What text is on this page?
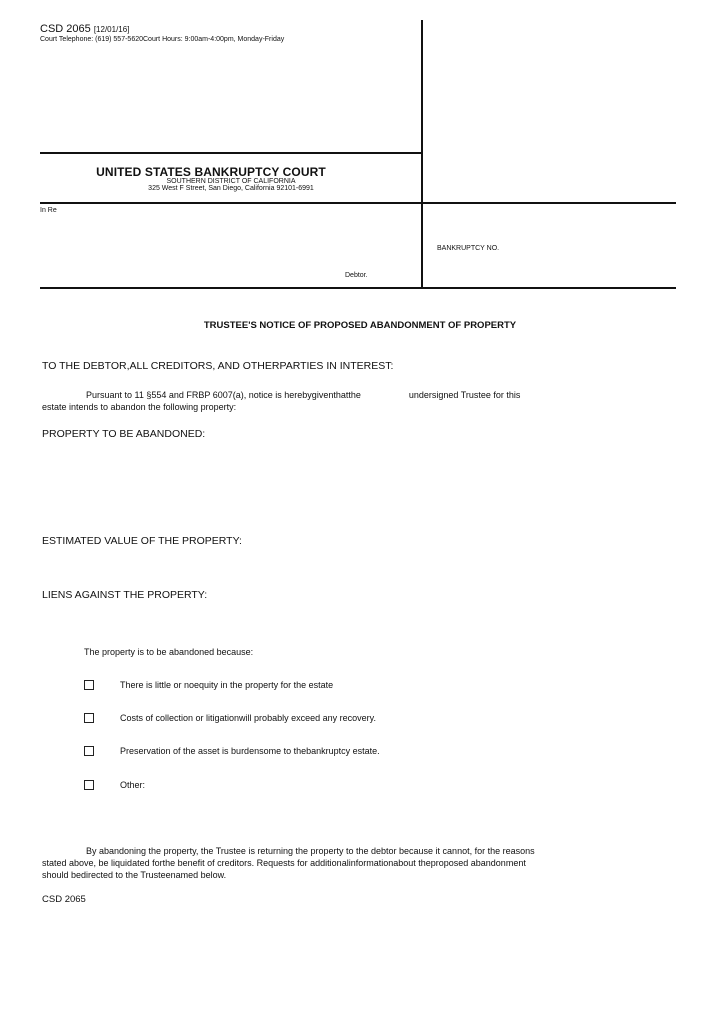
CSD 2065 [12/01/16]
Court Telephone: (619) 557-5620Court Hours: 9:00am-4:00pm, Monday-Friday
UNITED STATES BANKRUPTCY COURT
SOUTHERN DISTRICT OF CALIFORNIA
325 West F Street, San Diego, California 92101-6991
In Re
Debtor.
BANKRUPTCY NO.
TRUSTEE'S NOTICE OF PROPOSED ABANDONMENT OF PROPERTY
TO THE DEBTOR,ALL CREDITORS, AND OTHERPARTIES IN INTEREST:
Pursuant to 11 §554 and FRBP 6007(a), notice is herebygiventhatthe	undersigned Trustee for this
estate intends to abandon the following property:
PROPERTY TO BE ABANDONED:
ESTIMATED VALUE OF THE PROPERTY:
LIENS AGAINST THE PROPERTY:
The property is to be abandoned because:
There is little or noequity in the property for the estate
Costs of collection or litigationwill probably exceed any recovery.
Preservation of the asset is burdensome to thebankruptcy estate.
Other:
By abandoning the property, the Trustee is returning the property to the debtor because it cannot, for the reasons
stated above, be liquidated forthe benefit of creditors. Requests for additionalinformationabout theproposed abandonment
should bedirected to the Trusteenamed below.
CSD 2065
